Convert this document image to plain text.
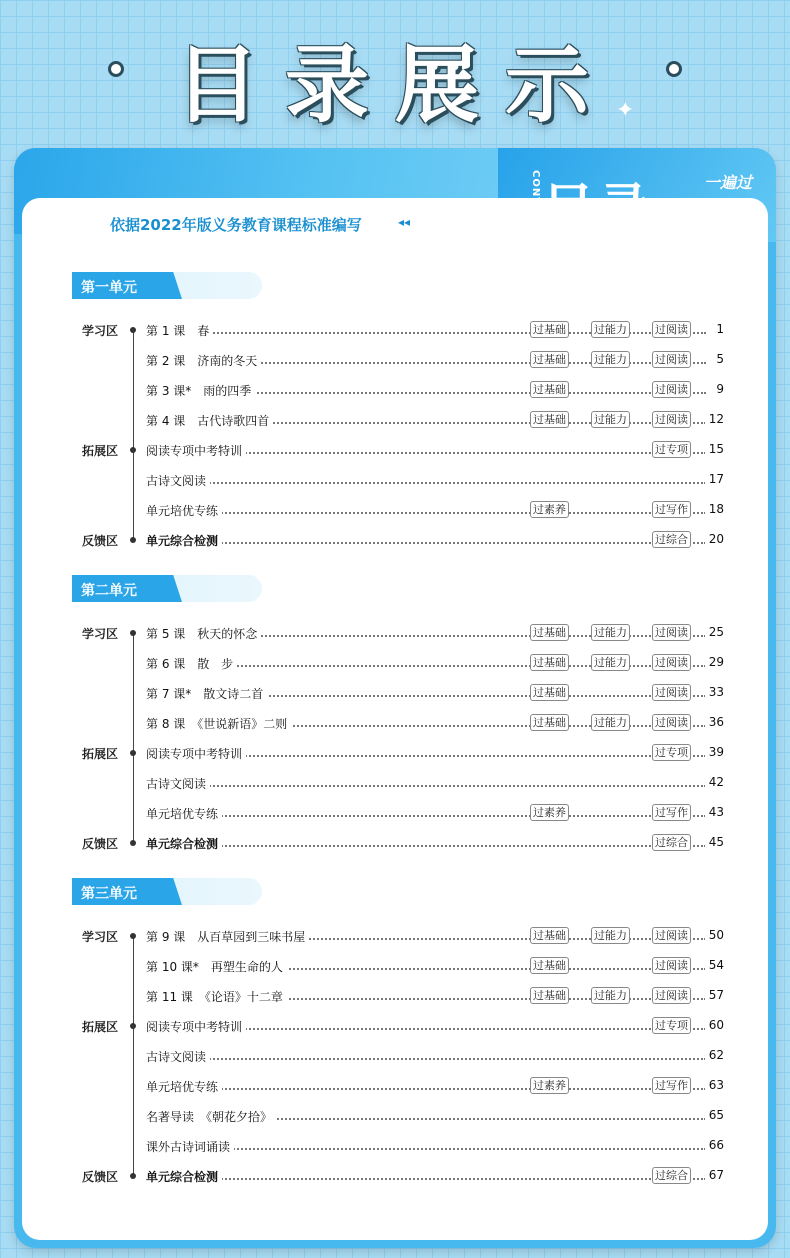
目录展示 ✦
CONTENTS 目录	一遍过
依据2022年版义务教育课程标准编写	◂◂
第一单元
学习区
拓展区
反馈区
第 1 课　春	过基础	过能力	过阅读	1
第 2 课　济南的冬天	过基础	过能力	过阅读	5
第 3 课*　雨的四季	过基础	过阅读	9
第 4 课　古代诗歌四首	过基础	过能力	过阅读	12
阅读专项中考特训	过专项	15
古诗文阅读	17
单元培优专练	过素养	过写作	18
单元综合检测	过综合	20
第二单元
学习区
拓展区
反馈区
第 5 课　秋天的怀念	过基础	过能力	过阅读	25
第 6 课　散　步	过基础	过能力	过阅读	29
第 7 课*　散文诗二首	过基础	过阅读	33
第 8 课　《世说新语》二则	过基础	过能力	过阅读	36
阅读专项中考特训	过专项	39
古诗文阅读	42
单元培优专练	过素养	过写作	43
单元综合检测	过综合	45
第三单元
学习区
拓展区
反馈区
第 9 课　从百草园到三味书屋	过基础	过能力	过阅读	50
第 10 课*　再塑生命的人	过基础	过阅读	54
第 11 课　《论语》十二章	过基础	过能力	过阅读	57
阅读专项中考特训	过专项	60
古诗文阅读	62
单元培优专练	过素养	过写作	63
名著导读　《朝花夕拾》	65
课外古诗词诵读	66
单元综合检测	过综合	67
